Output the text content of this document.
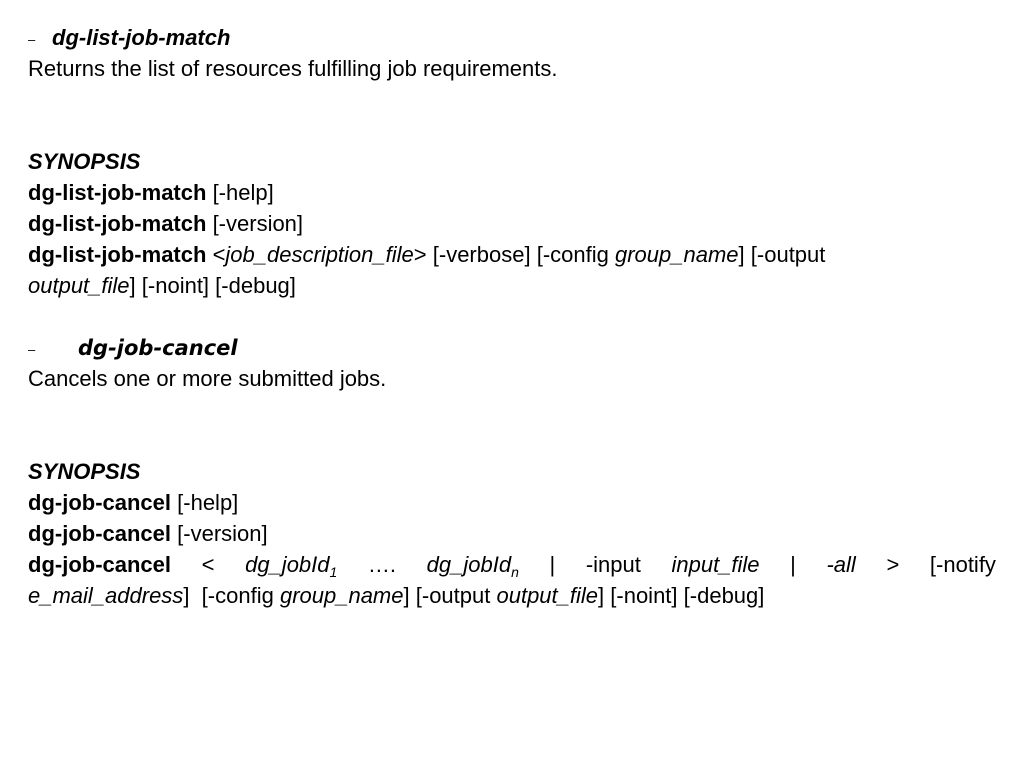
– dg-list-job-match
Returns the list of resources fulfilling job requirements.
SYNOPSIS
dg-list-job-match [-help]
dg-list-job-match [-version]
dg-list-job-match <job_description_file> [-verbose] [-config group_name] [-output
output_file] [-noint] [-debug]
– dg-job-cancel
Cancels one or more submitted jobs.
SYNOPSIS
dg-job-cancel [-help]
dg-job-cancel [-version]
dg-job-cancel < dg_jobId$_1$ …. dg_jobId$_n$ | -input input_file | -all > [-notify
e_mail_address] [-config group_name] [-output output_file] [-noint] [-debug]
